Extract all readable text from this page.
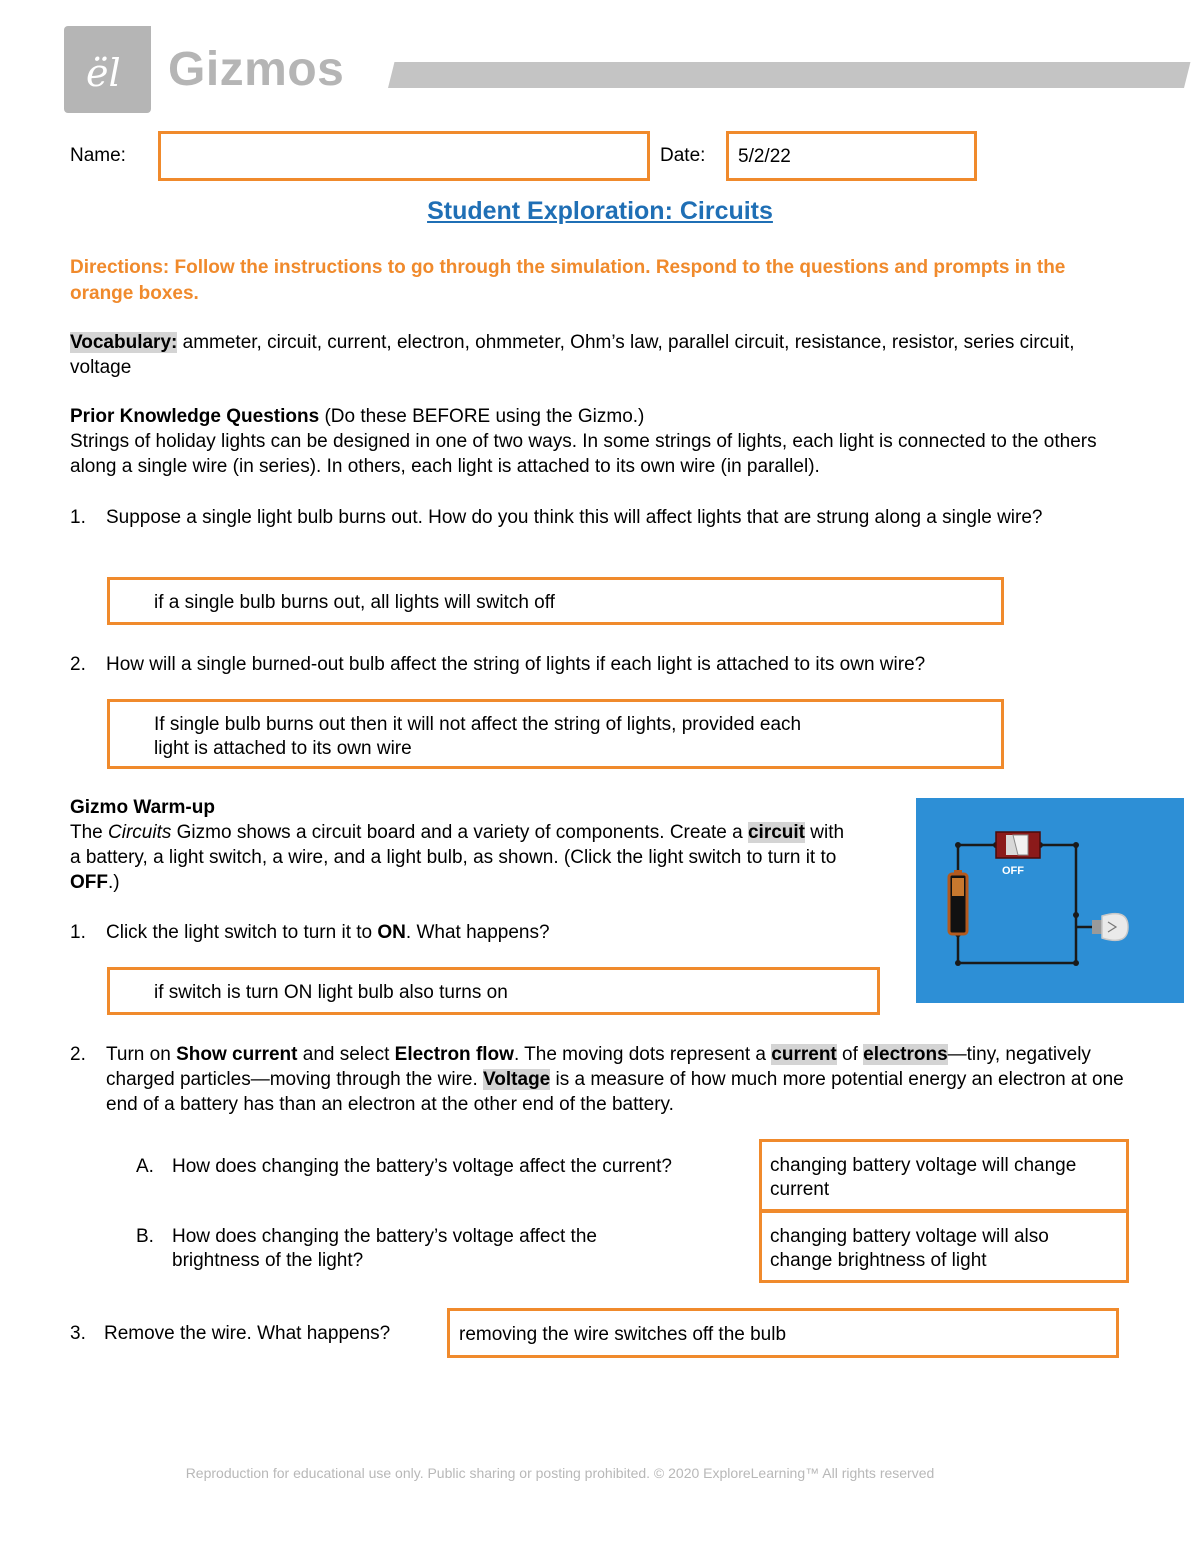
ël Gizmos
Name:	Date: 5/2/22
Student Exploration: Circuits
Directions: Follow the instructions to go through the simulation. Respond to the questions and prompts in the orange boxes.
Vocabulary: ammeter, circuit, current, electron, ohmmeter, Ohm’s law, parallel circuit, resistance, resistor, series circuit, voltage
Prior Knowledge Questions (Do these BEFORE using the Gizmo.)
Strings of holiday lights can be designed in one of two ways. In some strings of lights, each light is connected to the others along a single wire (in series). In others, each light is attached to its own wire (in parallel).
1. Suppose a single light bulb burns out. How do you think this will affect lights that are strung along a single wire?
if a single bulb burns out, all lights will switch off
2. How will a single burned-out bulb affect the string of lights if each light is attached to its own wire?
If single bulb burns out then it will not affect the string of lights, provided each
light is attached to its own wire
Gizmo Warm-up
The Circuits Gizmo shows a circuit board and a variety of components. Create a circuit with a battery, a light switch, a wire, and a light bulb, as shown. (Click the light switch to turn it to OFF.)
OFF
1. Click the light switch to turn it to ON. What happens?
if switch is turn ON light bulb also turns on
2. Turn on Show current and select Electron flow. The moving dots represent a current of electrons—tiny, negatively charged particles—moving through the wire. Voltage is a measure of how much more potential energy an electron at one end of a battery has than an electron at the other end of the battery.
A. How does changing the battery’s voltage affect the current?	changing battery voltage will change
current
B. How does changing the battery’s voltage affect the
brightness of the light?
changing battery voltage will also
change brightness of light
3. Remove the wire. What happens?	removing the wire switches off the bulb
Reproduction for educational use only. Public sharing or posting prohibited. © 2020 ExploreLearning™ All rights reserved
